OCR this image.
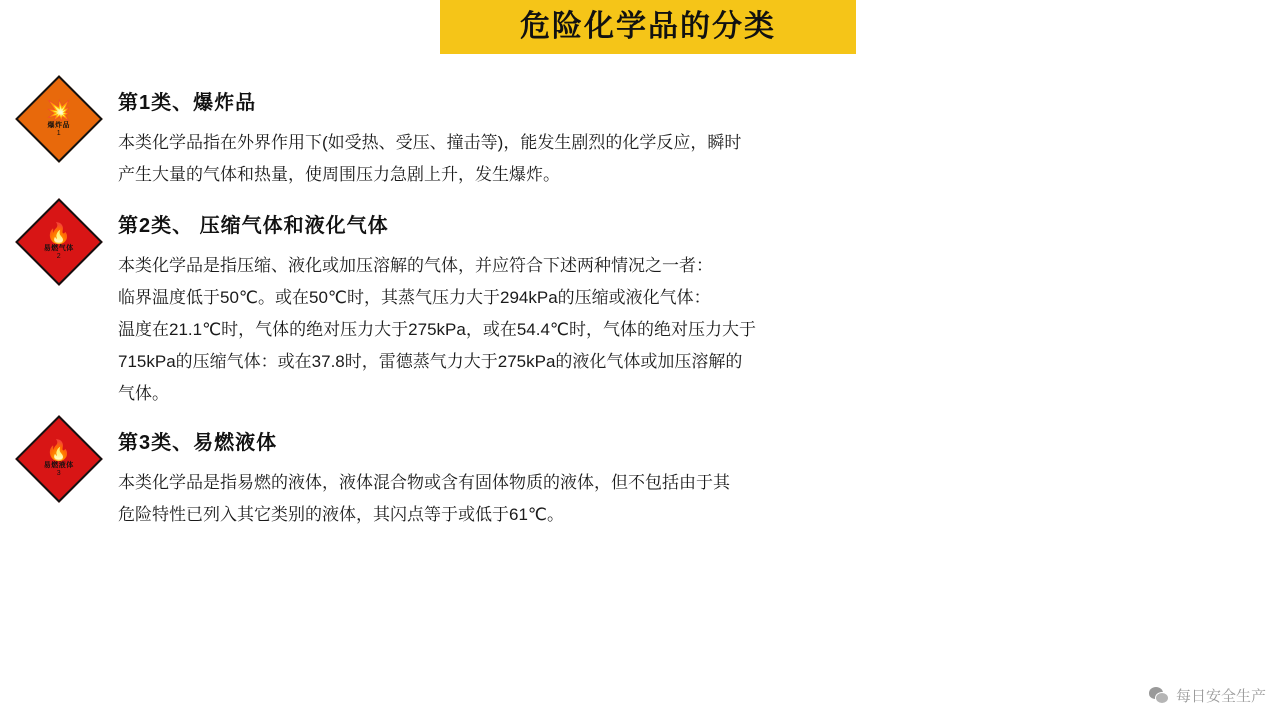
危险化学品的分类
💥
爆炸品
1
第1类、爆炸品

本类化学品指在外界作用下(如受热、受压、撞击等)，能发生剧烈的化学反应，瞬时
产生大量的气体和热量，使周围压力急剧上升，发生爆炸。

🔥
易燃气体
2
第2类、 压缩气体和液化气体

本类化学品是指压缩、液化或加压溶解的气体，并应符合下述两种情况之一者：
临界温度低于50℃。或在50℃时，其蒸气压力大于294kPa的压缩或液化气体：
温度在21.1℃时，气体的绝对压力大于275kPa，或在54.4℃时，气体的绝对压力大于
715kPa的压缩气体：或在37.8时，雷德蒸气力大于275kPa的液化气体或加压溶解的
气体。

🔥
易燃液体
3
第3类、易燃液体

本类化学品是指易燃的液体，液体混合物或含有固体物质的液体，但不包括由于其
危险特性已列入其它类别的液体，其闪点等于或低于61℃。

每日安全生产
